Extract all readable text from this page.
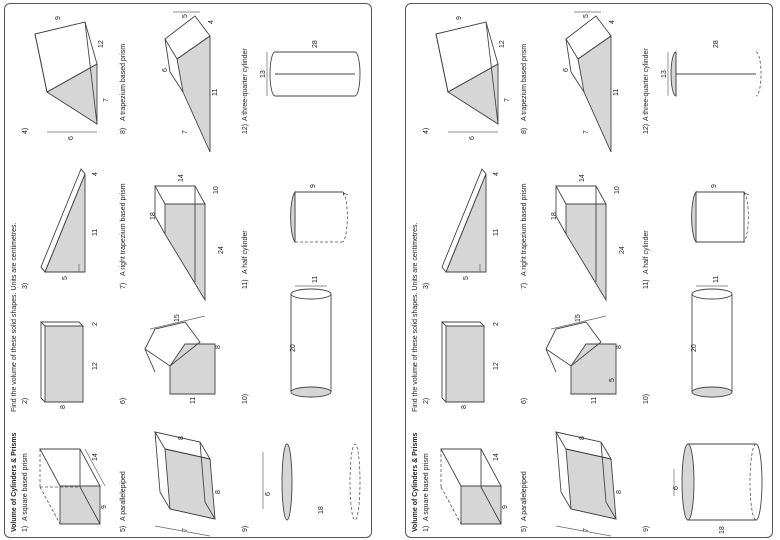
Volume of Cylinders & Prisms
Find the volume of these solid shapes. Units are centimetres.
1)
A square based prism	14
9
2)
2
12
8
3)
4
11
5
4)
9
12
7
6
5)
A parallelepiped
8
8
7
6)
15
8
11
7)
A right trapezium based prism
14
10
18
24
8)
A trapezium based prism
5
4
6
11
7
9)
6
18
10)
11
20
11)
A half cylinder
9
7
12)
A three-quarter cylinder 13
28
Volume of Cylinders & Prisms
Find the volume of these solid shapes. Units are centimetres.
1)
A square based prism	14
9
2)
2
12
8
3)
4
11
5
4)
9
12
7
6
5)
A parallelepiped
8
8
7
6)
15
8
5
11
7)
A right trapezium based prism
14
10
18
24
8)
A trapezium based prism
5
4
6
11
7
9)
6
18
10)
11
20
11)
A half cylinder
9
7
12)
A three-quarter cylinder 13
28
